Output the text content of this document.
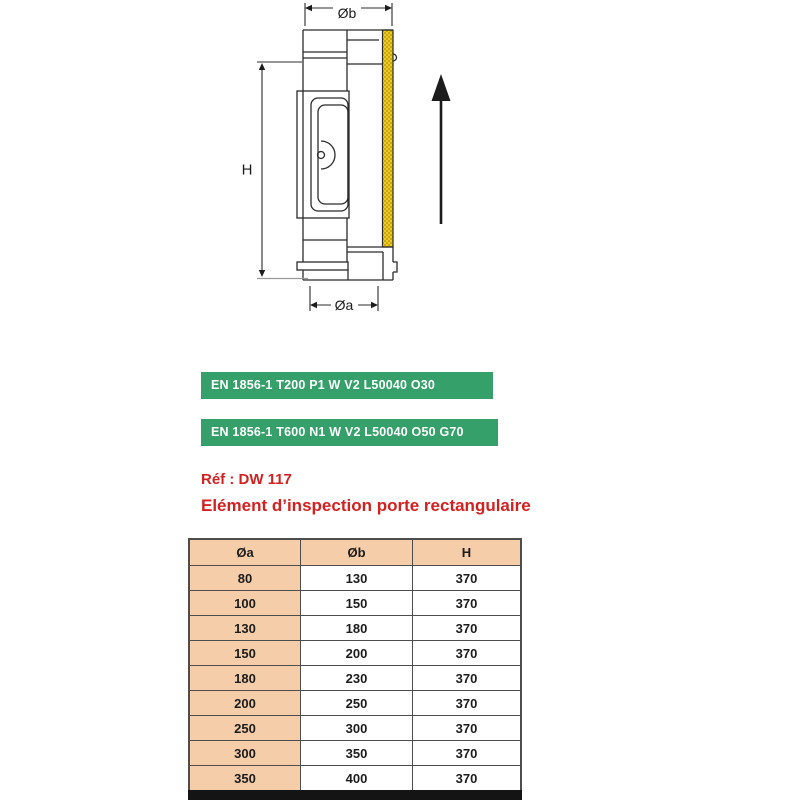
Øb
H
Øa
EN 1856-1 T200 P1 W V2 L50040 O30
EN 1856-1 T600 N1 W V2 L50040 O50 G70
Réf : DW 117
Elément d’inspection porte rectangulaire
Øa	Øb	H
80	130	370
100	150	370
130	180	370
150	200	370
180	230	370
200	250	370
250	300	370
300	350	370
350	400	370
